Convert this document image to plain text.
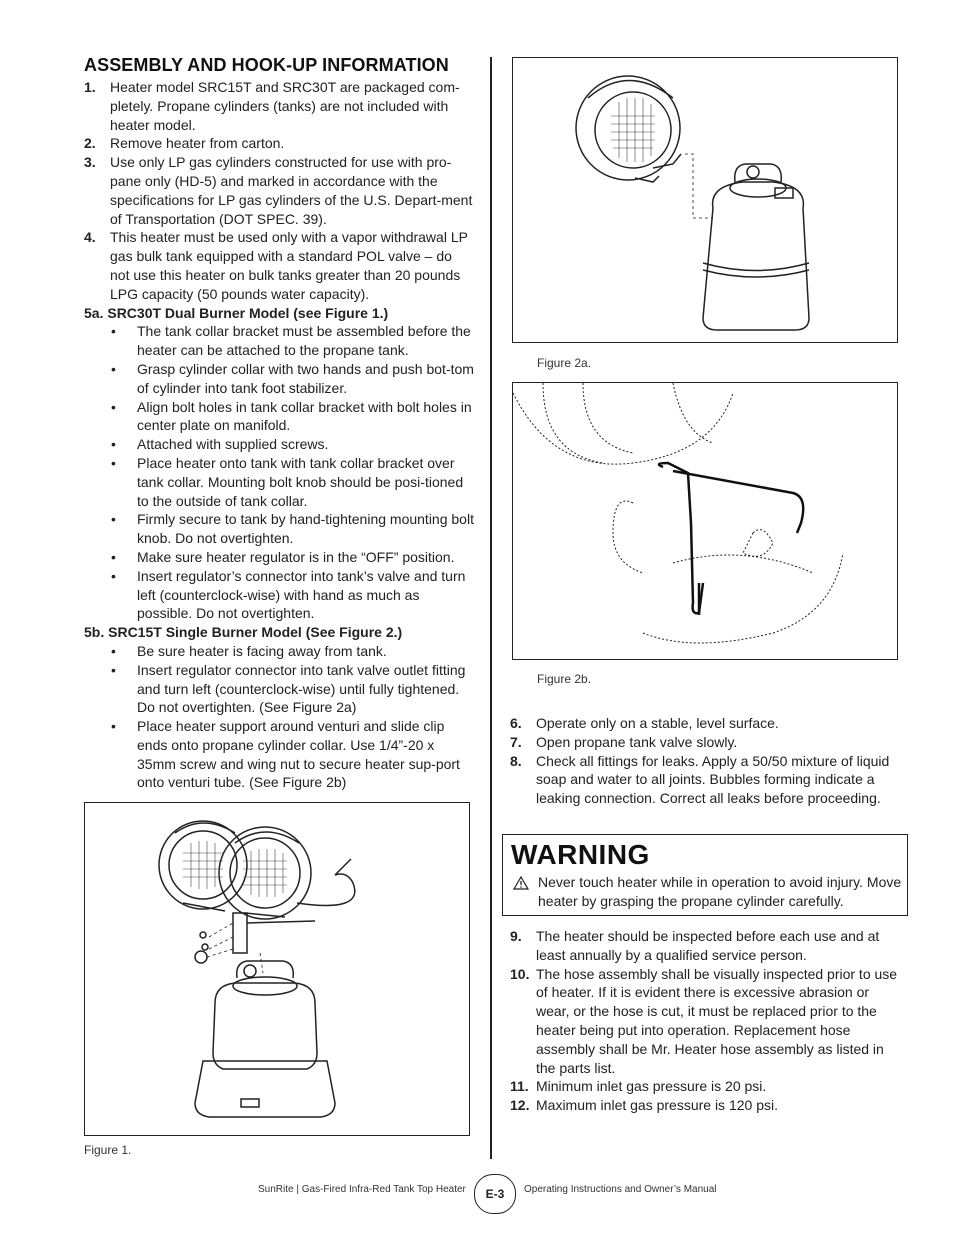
ASSEMBLY AND HOOK-UP INFORMATION
1.	Heater model SRC15T and SRC30T are packaged com-pletely. Propane cylinders (tanks) are not included with heater model.
2.	Remove heater from carton.
3.	Use only LP gas cylinders constructed for use with pro-pane only (HD-5) and marked in accordance with the specifications for LP gas cylinders of the U.S. Depart-ment of Transportation (DOT SPEC. 39).
4.	This heater must be used only with a vapor withdrawal LP gas bulk tank equipped with a standard POL valve – do not use this heater on bulk tanks greater than 20 pounds LPG capacity (50 pounds water capacity).
5a. SRC30T Dual Burner Model (see Figure 1.)
•	The tank collar bracket must be assembled before the heater can be attached to the propane tank.
•	Grasp cylinder collar with two hands and push bot-tom of cylinder into tank foot stabilizer.
•	Align bolt holes in tank collar bracket with bolt holes in center plate on manifold.
•	Attached with supplied screws.
•	Place heater onto tank with tank collar bracket over tank collar. Mounting bolt knob should be posi-tioned to the outside of tank collar.
•	Firmly secure to tank by hand-tightening mounting bolt knob. Do not overtighten.
•	Make sure heater regulator is in the “OFF” position.
•	Insert regulator’s connector into tank’s valve and turn left (counterclock-wise) with hand as much as possible. Do not overtighten.
5b. SRC15T Single Burner Model (See Figure 2.)
•	Be sure heater is facing away from tank.
•	Insert regulator connector into tank valve outlet fitting and turn left (counterclock-wise) until fully tightened. Do not overtighten. (See Figure 2a)
•	Place heater support around venturi and slide clip ends onto propane cylinder collar. Use 1/4”-20 x 35mm screw and wing nut to secure heater sup-port onto venturi tube. (See Figure 2b)
Figure 1.
Figure 2a.
Figure 2b.
6.	Operate only on a stable, level surface.
7.	Open propane tank valve slowly.
8.	Check all fittings for leaks. Apply a 50/50 mixture of liquid soap and water to all joints. Bubbles forming indicate a leaking connection. Correct all leaks before proceeding.
WARNING
Never touch heater while in operation to avoid injury. Move heater by grasping the propane cylinder carefully.
9.	The heater should be inspected before each use and at least annually by a qualified service person.
10. The hose assembly shall be visually inspected prior to use of heater. If it is evident there is excessive abrasion or wear, or the hose is cut, it must be replaced prior to the heater being put into operation. Replacement hose assembly shall be Mr. Heater hose assembly as listed in the parts list.
11. Minimum inlet gas pressure is 20 psi.
12. Maximum inlet gas pressure is 120 psi.
SunRite | Gas-Fired Infra-Red Tank Top Heater	E-3	Operating Instructions and Owner’s Manual
